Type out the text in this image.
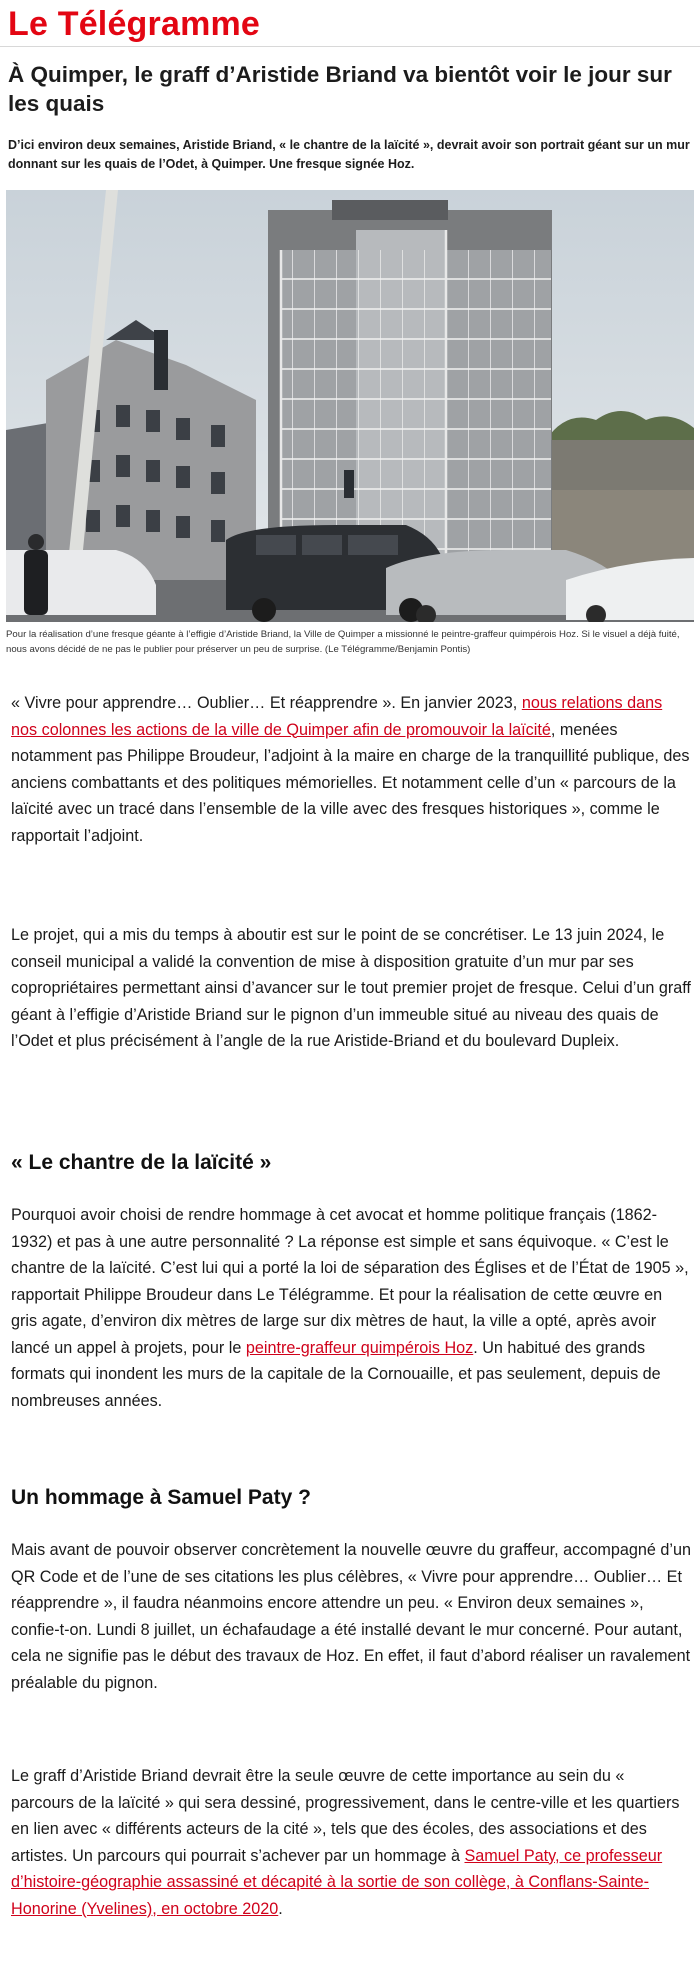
Le Télégramme
À Quimper, le graff d’Aristide Briand va bientôt voir le jour sur les quais

D’ici environ deux semaines, Aristide Briand, « le chantre de la laïcité », devrait avoir son portrait géant sur un mur donnant sur les quais de l’Odet, à Quimper. Une fresque signée Hoz.

Pour la réalisation d’une fresque géante à l’effigie d’Aristide Briand, la Ville de Quimper a missionné le peintre-graffeur quimpérois Hoz. Si le visuel a déjà fuité, nous avons décidé de ne pas le publier pour préserver un peu de surprise. (Le Télégramme/Benjamin Pontis)

« Vivre pour apprendre… Oublier… Et réapprendre ». En janvier 2023, nous relations dans nos colonnes les actions de la ville de Quimper afin de promouvoir la laïcité, menées notamment pas Philippe Broudeur, l’adjoint à la maire en charge de la tranquillité publique, des anciens combattants et des politiques mémorielles. Et notamment celle d’un « parcours de la laïcité avec un tracé dans l’ensemble de la ville avec des fresques historiques », comme le rapportait l’adjoint.

Le projet, qui a mis du temps à aboutir est sur le point de se concrétiser. Le 13 juin 2024, le conseil municipal a validé la convention de mise à disposition gratuite d’un mur par ses copropriétaires permettant ainsi d’avancer sur le tout premier projet de fresque. Celui d’un graff géant à l’effigie d’Aristide Briand sur le pignon d’un immeuble situé au niveau des quais de l’Odet et plus précisément à l’angle de la rue Aristide-Briand et du boulevard Dupleix.

« Le chantre de la laïcité »

Pourquoi avoir choisi de rendre hommage à cet avocat et homme politique français (1862-1932) et pas à une autre personnalité ? La réponse est simple et sans équivoque. « C’est le chantre de la laïcité. C’est lui qui a porté la loi de séparation des Églises et de l’État de 1905 », rapportait Philippe Broudeur dans Le Télégramme. Et pour la réalisation de cette œuvre en gris agate, d’environ dix mètres de large sur dix mètres de haut, la ville a opté, après avoir lancé un appel à projets, pour le peintre-graffeur quimpérois Hoz. Un habitué des grands formats qui inondent les murs de la capitale de la Cornouaille, et pas seulement, depuis de nombreuses années.

Un hommage à Samuel Paty ?

Mais avant de pouvoir observer concrètement la nouvelle œuvre du graffeur, accompagné d’un QR Code et de l’une de ses citations les plus célèbres, « Vivre pour apprendre… Oublier… Et réapprendre », il faudra néanmoins encore attendre un peu. « Environ deux semaines », confie-t-on. Lundi 8 juillet, un échafaudage a été installé devant le mur concerné. Pour autant, cela ne signifie pas le début des travaux de Hoz. En effet, il faut d’abord réaliser un ravalement préalable du pignon.

Le graff d’Aristide Briand devrait être la seule œuvre de cette importance au sein du « parcours de la laïcité » qui sera dessiné, progressivement, dans le centre-ville et les quartiers en lien avec « différents acteurs de la cité », tels que des écoles, des associations et des artistes. Un parcours qui pourrait s’achever par un hommage à Samuel Paty, ce professeur d’histoire-géographie assassiné et décapité à la sortie de son collège, à Conflans-Sainte-Honorine (Yvelines), en octobre 2020.
